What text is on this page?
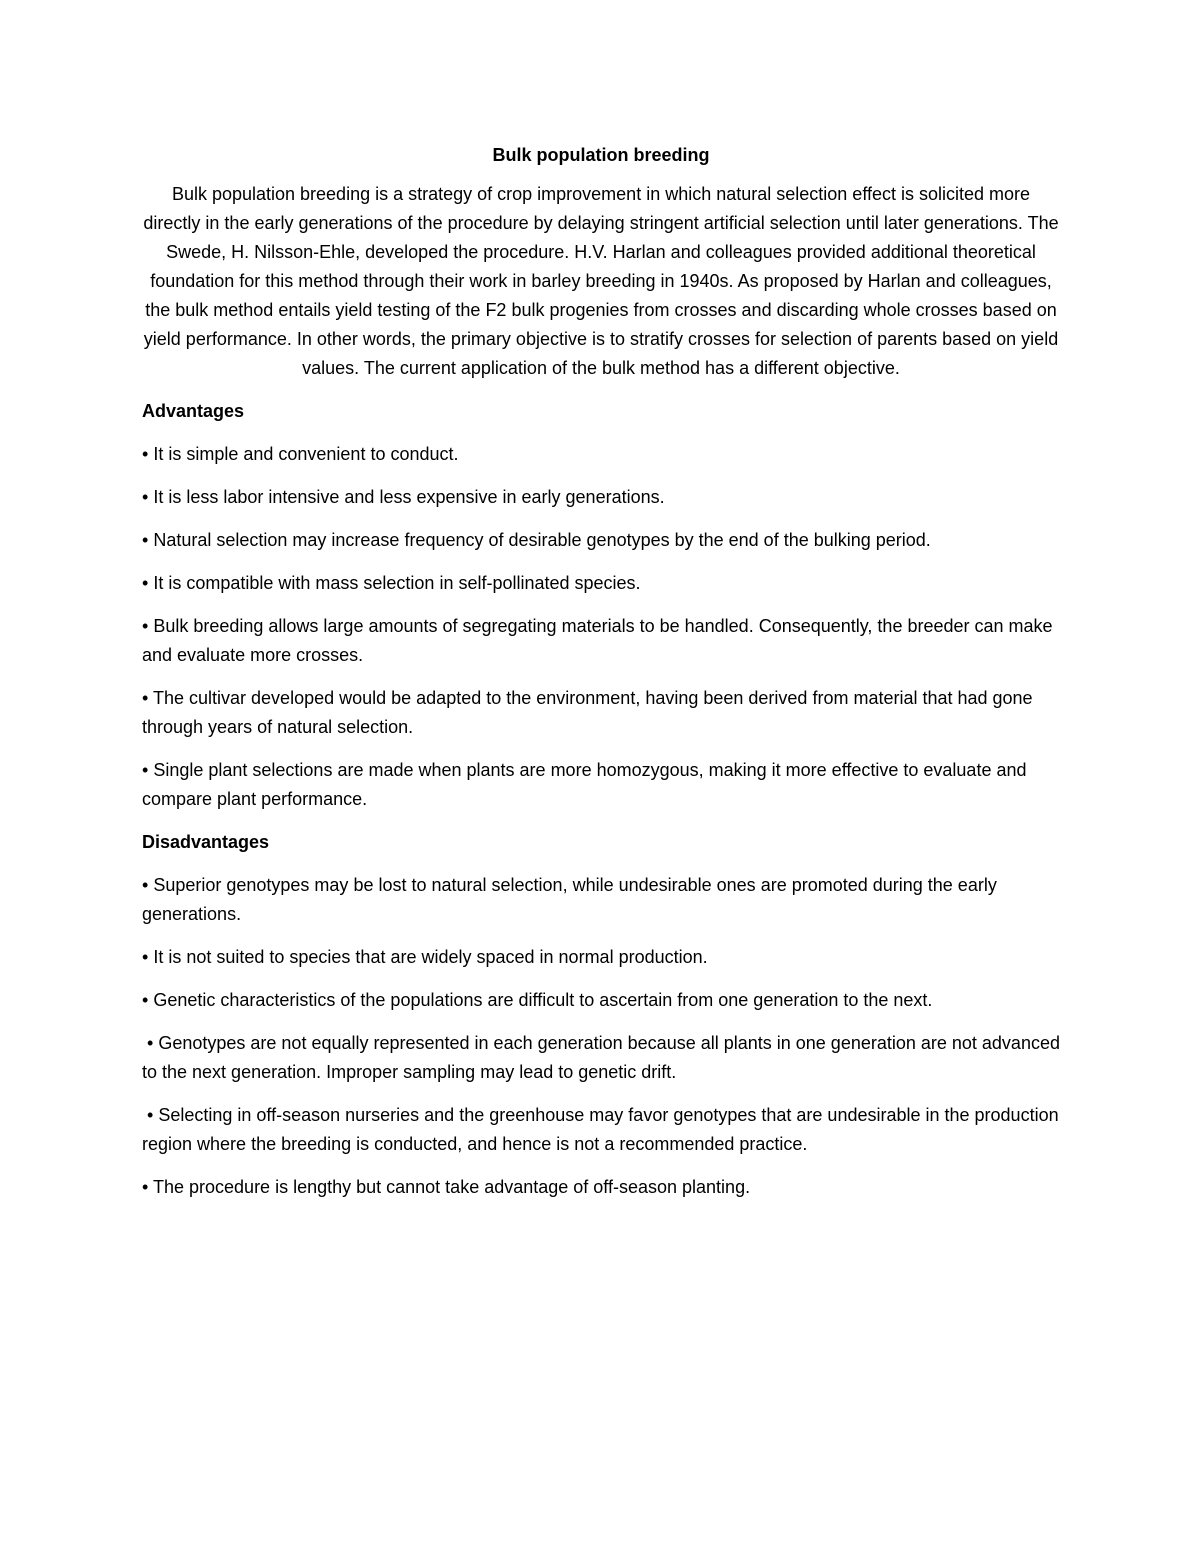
Bulk population breeding
Bulk population breeding is a strategy of crop improvement in which natural selection effect is solicited more directly in the early generations of the procedure by delaying stringent artificial selection until later generations. The Swede, H. Nilsson-Ehle, developed the procedure. H.V. Harlan and colleagues provided additional theoretical foundation for this method through their work in barley breeding in 1940s. As proposed by Harlan and colleagues, the bulk method entails yield testing of the F2 bulk progenies from crosses and discarding whole crosses based on yield performance. In other words, the primary objective is to stratify crosses for selection of parents based on yield values. The current application of the bulk method has a different objective.
Advantages
• It is simple and convenient to conduct.
• It is less labor intensive and less expensive in early generations.
• Natural selection may increase frequency of desirable genotypes by the end of the bulking period.
• It is compatible with mass selection in self-pollinated species.
• Bulk breeding allows large amounts of segregating materials to be handled. Consequently, the breeder can make and evaluate more crosses.
• The cultivar developed would be adapted to the environment, having been derived from material that had gone through years of natural selection.
• Single plant selections are made when plants are more homozygous, making it more effective to evaluate and compare plant performance.
Disadvantages
• Superior genotypes may be lost to natural selection, while undesirable ones are promoted during the early generations.
• It is not suited to species that are widely spaced in normal production.
• Genetic characteristics of the populations are difficult to ascertain from one generation to the next.
• Genotypes are not equally represented in each generation because all plants in one generation are not advanced to the next generation. Improper sampling may lead to genetic drift.
• Selecting in off-season nurseries and the greenhouse may favor genotypes that are undesirable in the production region where the breeding is conducted, and hence is not a recommended practice.
• The procedure is lengthy but cannot take advantage of off-season planting.
